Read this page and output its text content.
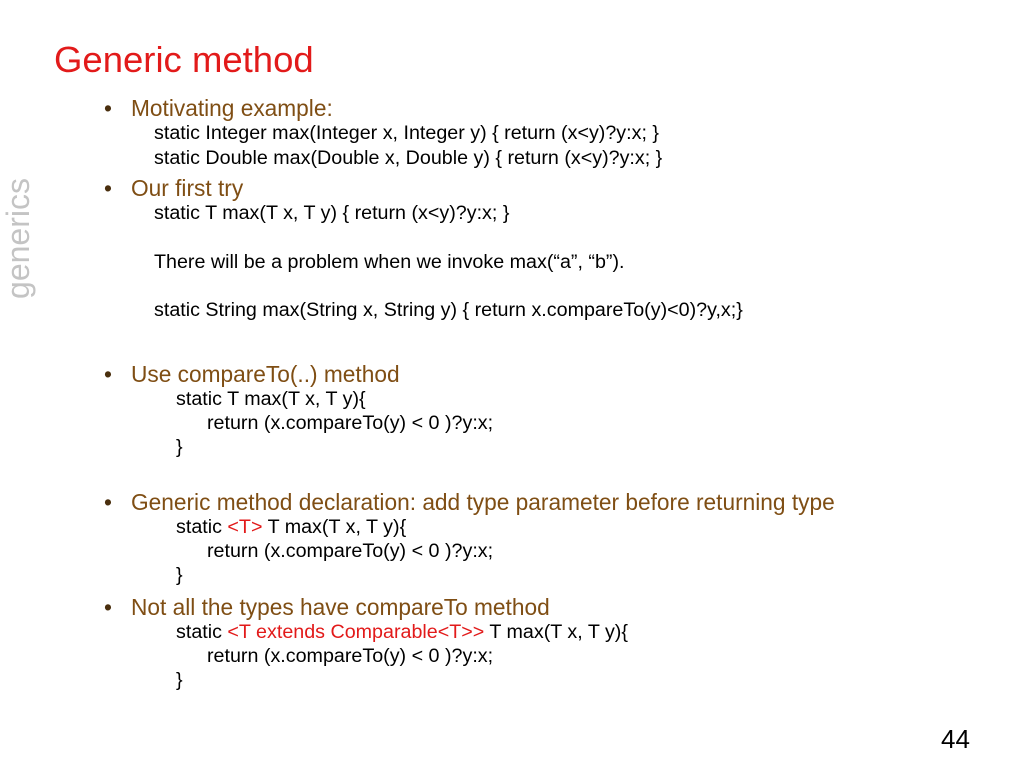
Generic method
generics
• Motivating example:
static Integer max(Integer x, Integer y) { return (x<y)?y:x; }
static Double max(Double x, Double y) { return (x<y)?y:x; }
• Our first try
static T max(T x, T y) { return (x<y)?y:x; }
There will be a problem when we invoke max(“a”, “b”).
static String max(String x, String y) { return x.compareTo(y)<0)?y,x;}
• Use compareTo(..) method
static T max(T x, T y){
return (x.compareTo(y) < 0 )?y:x;
}
• Generic method declaration: add type parameter before returning type
static <T> T max(T x, T y){
return (x.compareTo(y) < 0 )?y:x;
}
• Not all the types have compareTo method
static <T extends Comparable<T>> T max(T x, T y){
return (x.compareTo(y) < 0 )?y:x;
}
44
